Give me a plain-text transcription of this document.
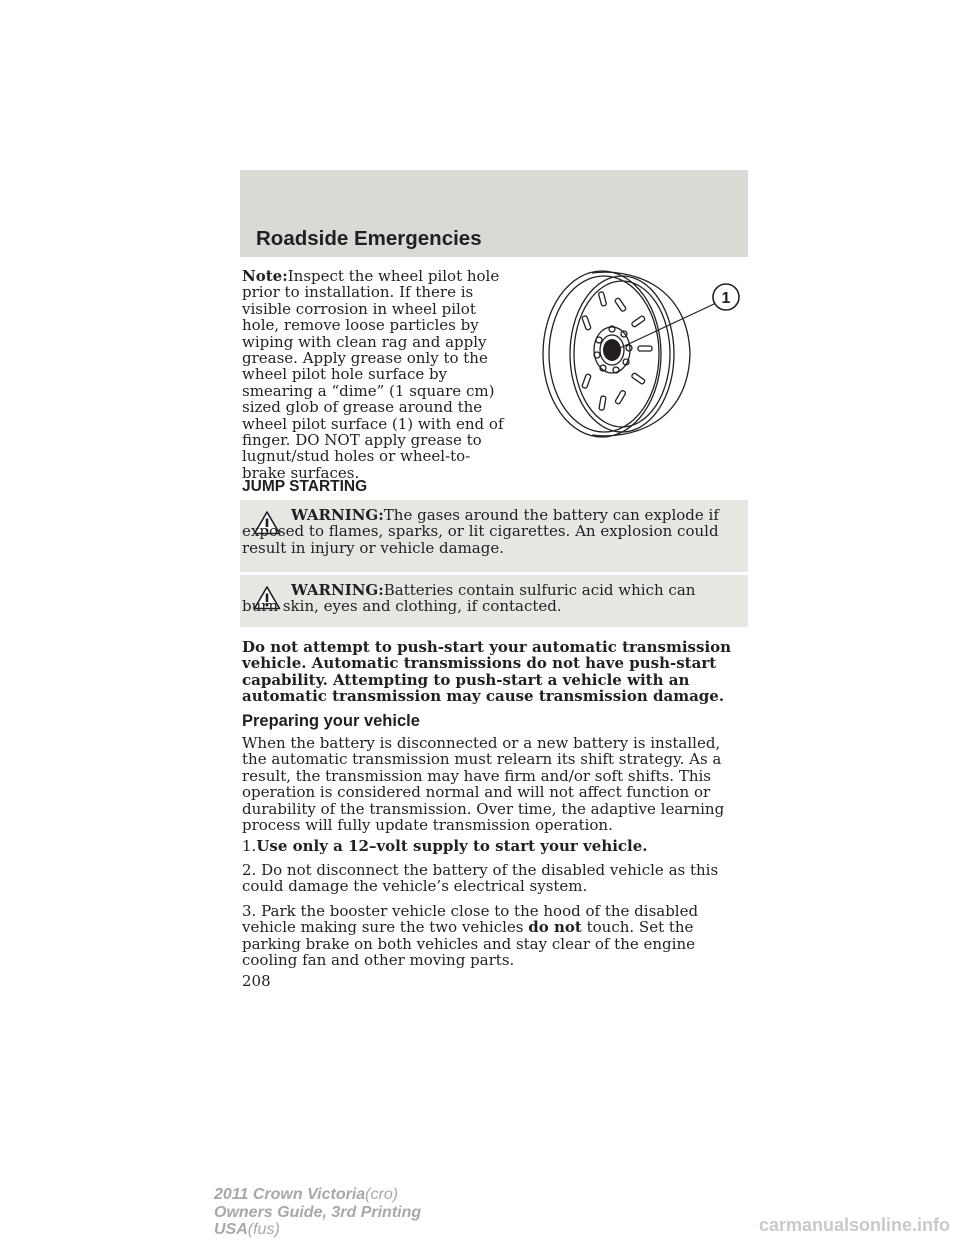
Roadside Emergencies
Note:Inspect the wheel pilot hole prior to installation. If there is visible corrosion in wheel pilot hole, remove loose particles by wiping with clean rag and apply grease. Apply grease only to the wheel pilot hole surface by smearing a “dime” (1 square cm) sized glob of grease around the wheel pilot surface (1) with end of finger. DO NOT apply grease to lugnut/stud holes or wheel-to-brake surfaces.
1
JUMP STARTING

WARNING:The gases around the battery can explode if exposed to flames, sparks, or lit cigarettes. An explosion could result in injury or vehicle damage.

WARNING:Batteries contain sulfuric acid which can burn skin, eyes and clothing, if contacted.

Do not attempt to push-start your automatic transmission vehicle. Automatic transmissions do not have push-start capability. Attempting to push-start a vehicle with an automatic transmission may cause transmission damage.

Preparing your vehicle

When the battery is disconnected or a new battery is installed, the automatic transmission must relearn its shift strategy. As a result, the transmission may have firm and/or soft shifts. This operation is considered normal and will not affect function or durability of the transmission. Over time, the adaptive learning process will fully update transmission operation.

1.Use only a 12–volt supply to start your vehicle.

2. Do not disconnect the battery of the disabled vehicle as this could damage the vehicle’s electrical system.

3. Park the booster vehicle close to the hood of the disabled vehicle making sure the two vehicles do not touch. Set the parking brake on both vehicles and stay clear of the engine cooling fan and other moving parts.

208

2011 Crown Victoria(cro)
Owners Guide, 3rd Printing
USA(fus)	carmanualsonline.info
